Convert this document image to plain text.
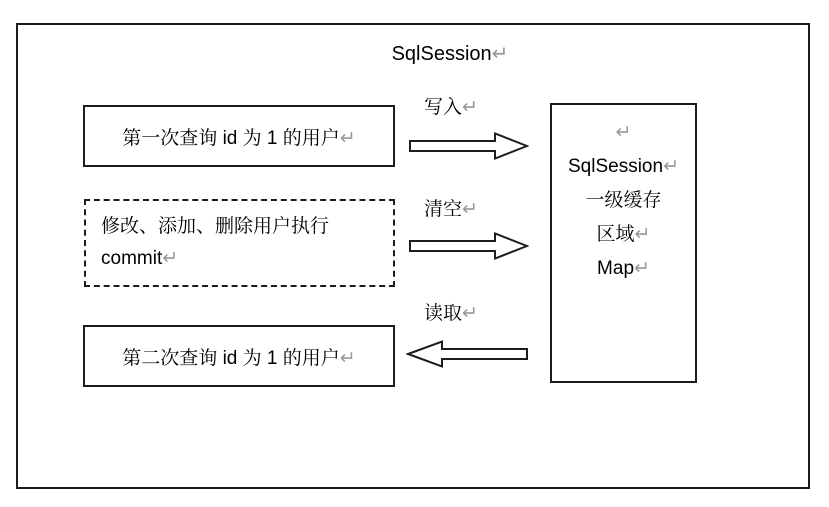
SqlSession↵
第一次查询 id 为 1 的用户↵
修改、添加、删除用户执行
commit↵
第二次查询 id 为 1 的用户↵
↵
SqlSession↵
一级缓存
区域↵
Map↵
写入↵
清空↵
读取↵
